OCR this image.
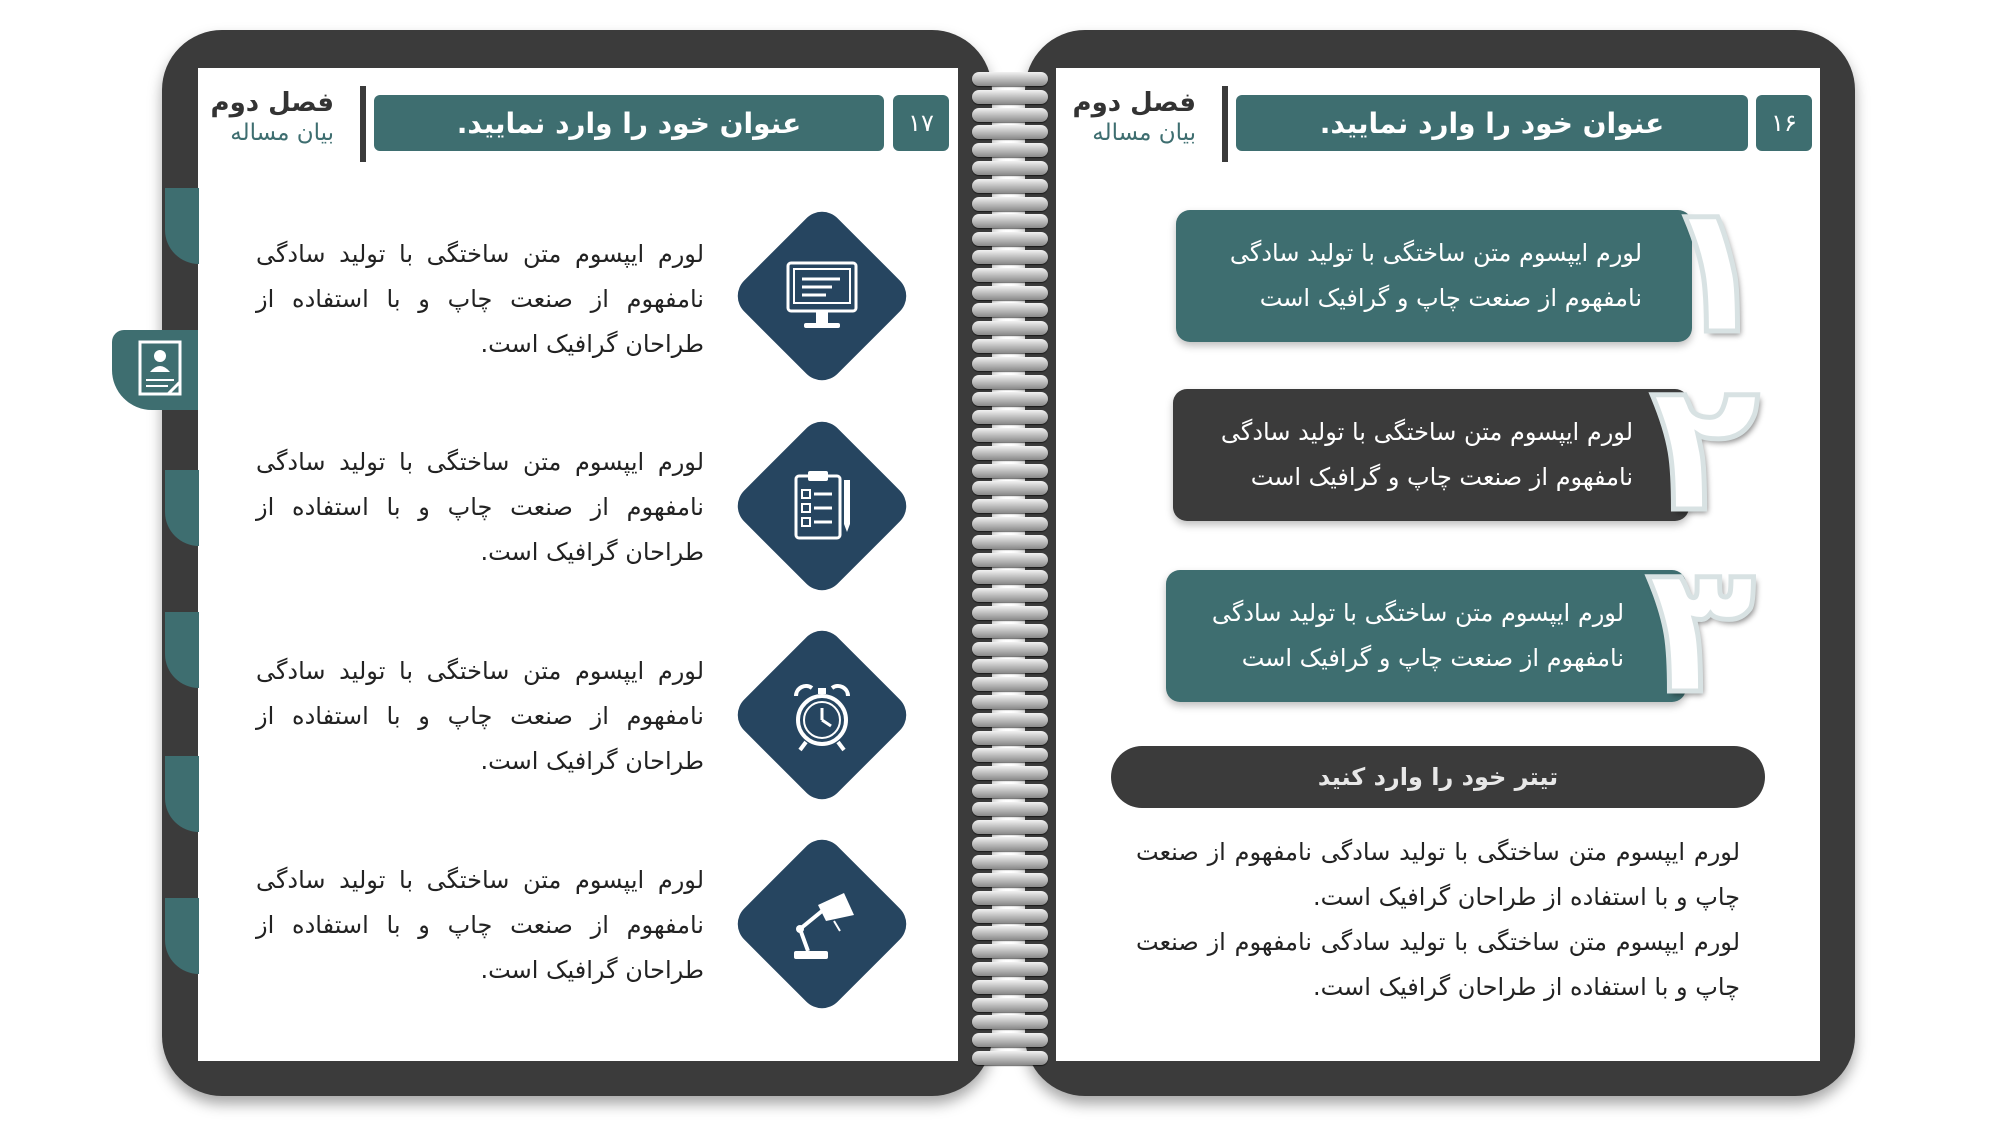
فصل دوم
بیان مساله	عنوان خود را وارد نمایید.	۱۷
لورم ایپسوم متن ساختگی با تولید سادگی نامفهوم از صنعت چاپ و با استفاده از طراحان گرافیک است.
لورم ایپسوم متن ساختگی با تولید سادگی نامفهوم از صنعت چاپ و با استفاده از طراحان گرافیک است.
لورم ایپسوم متن ساختگی با تولید سادگی نامفهوم از صنعت چاپ و با استفاده از طراحان گرافیک است.
لورم ایپسوم متن ساختگی با تولید سادگی نامفهوم از صنعت چاپ و با استفاده از طراحان گرافیک است.
فصل دوم
بیان مساله	عنوان خود را وارد نمایید.	۱۶
لورم ایپسوم متن ساختگی با تولید سادگی
نامفهوم از صنعت چاپ و گرافیک است ۱
لورم ایپسوم متن ساختگی با تولید سادگی
نامفهوم از صنعت چاپ و گرافیک است ۲
لورم ایپسوم متن ساختگی با تولید سادگی
نامفهوم از صنعت چاپ و گرافیک است ۳
تیتر خود را وارد کنید
لورم ایپسوم متن ساختگی با تولید سادگی نامفهوم از صنعت چاپ و با استفاده از طراحان گرافیک است.
لورم ایپسوم متن ساختگی با تولید سادگی نامفهوم از صنعت چاپ و با استفاده از طراحان گرافیک است.
